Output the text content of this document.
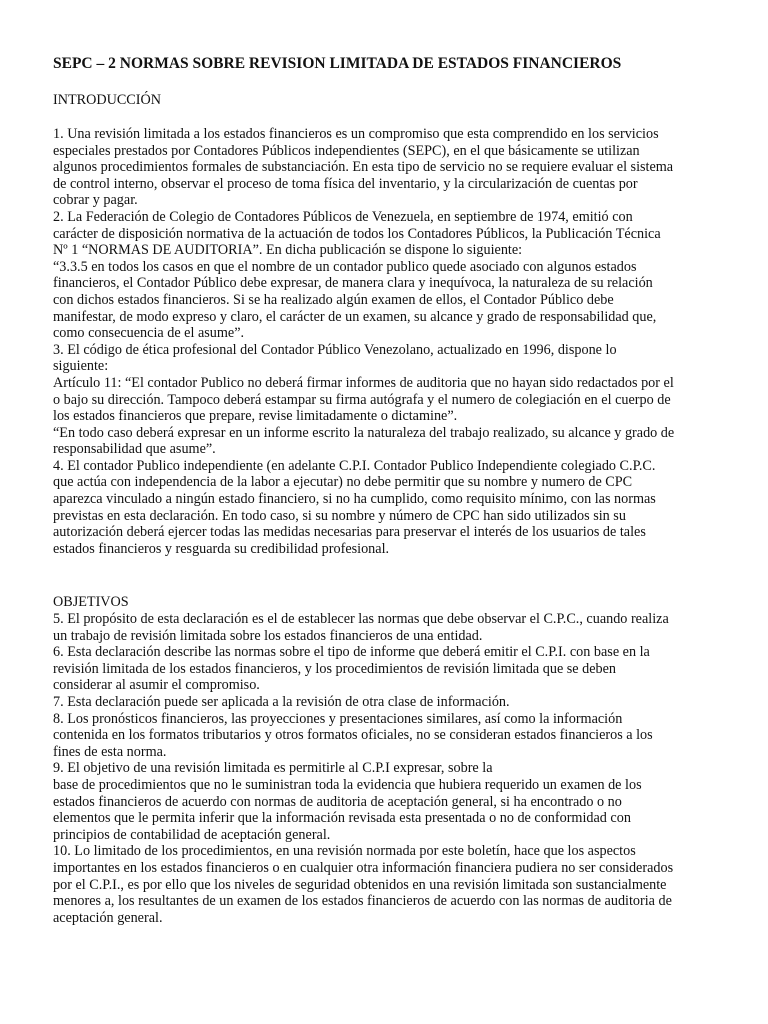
SEPC – 2 NORMAS SOBRE REVISION LIMITADA DE ESTADOS FINANCIEROS
INTRODUCCIÓN
1. Una revisión limitada a los estados financieros es un compromiso que esta comprendido en los servicios
especiales prestados por Contadores Públicos independientes (SEPC), en el que básicamente se utilizan
algunos procedimientos formales de substanciación. En esta tipo de servicio no se requiere evaluar el sistema
de control interno, observar el proceso de toma física del inventario, y la circularización de cuentas por
cobrar y pagar.
2. La Federación de Colegio de Contadores Públicos de Venezuela, en septiembre de 1974, emitió con
carácter de disposición normativa de la actuación de todos los Contadores Públicos, la Publicación Técnica
Nº 1 “NORMAS DE AUDITORIA”. En dicha publicación se dispone lo siguiente:
“3.3.5 en todos los casos en que el nombre de un contador publico quede asociado con algunos estados
financieros, el Contador Público debe expresar, de manera clara y inequívoca, la naturaleza de su relación
con dichos estados financieros. Si se ha realizado algún examen de ellos, el Contador Público debe
manifestar, de modo expreso y claro, el carácter de un examen, su alcance y grado de responsabilidad que,
como consecuencia de el asume”.
3. El código de ética profesional del Contador Público Venezolano, actualizado en 1996, dispone lo
siguiente:
Artículo 11: “El contador Publico no deberá firmar informes de auditoria que no hayan sido redactados por el
o bajo su dirección. Tampoco deberá estampar su firma autógrafa y el numero de colegiación en el cuerpo de
los estados financieros que prepare, revise limitadamente o dictamine”.
“En todo caso deberá expresar en un informe escrito la naturaleza del trabajo realizado, su alcance y grado de
responsabilidad que asume”.
4. El contador Publico independiente (en adelante C.P.I. Contador Publico Independiente colegiado C.P.C.
que actúa con independencia de la labor a ejecutar) no debe permitir que su nombre y numero de CPC
aparezca vinculado a ningún estado financiero, si no ha cumplido, como requisito mínimo, con las normas
previstas en esta declaración. En todo caso, si su nombre y número de CPC han sido utilizados sin su
autorización deberá ejercer todas las medidas necesarias para preservar el interés de los usuarios de tales
estados financieros y resguarda su credibilidad profesional.
OBJETIVOS
5. El propósito de esta declaración es el de establecer las normas que debe observar el C.P.C., cuando realiza
un trabajo de revisión limitada sobre los estados financieros de una entidad.
6. Esta declaración describe las normas sobre el tipo de informe que deberá emitir el C.P.I. con base en la
revisión limitada de los estados financieros, y los procedimientos de revisión limitada que se deben
considerar al asumir el compromiso.
7. Esta declaración puede ser aplicada a la revisión de otra clase de información.
8. Los pronósticos financieros, las proyecciones y presentaciones similares, así como la información
contenida en los formatos tributarios y otros formatos oficiales, no se consideran estados financieros a los
fines de esta norma.
9. El objetivo de una revisión limitada es permitirle al C.P.I expresar, sobre la
base de procedimientos que no le suministran toda la evidencia que hubiera requerido un examen de los
estados financieros de acuerdo con normas de auditoria de aceptación general, si ha encontrado o no
elementos que le permita inferir que la información revisada esta presentada o no de conformidad con
principios de contabilidad de aceptación general.
10. Lo limitado de los procedimientos, en una revisión normada por este boletín, hace que los aspectos
importantes en los estados financieros o en cualquier otra información financiera pudiera no ser considerados
por el C.P.I., es por ello que los niveles de seguridad obtenidos en una revisión limitada son sustancialmente
menores a, los resultantes de un examen de los estados financieros de acuerdo con las normas de auditoria de
aceptación general.
